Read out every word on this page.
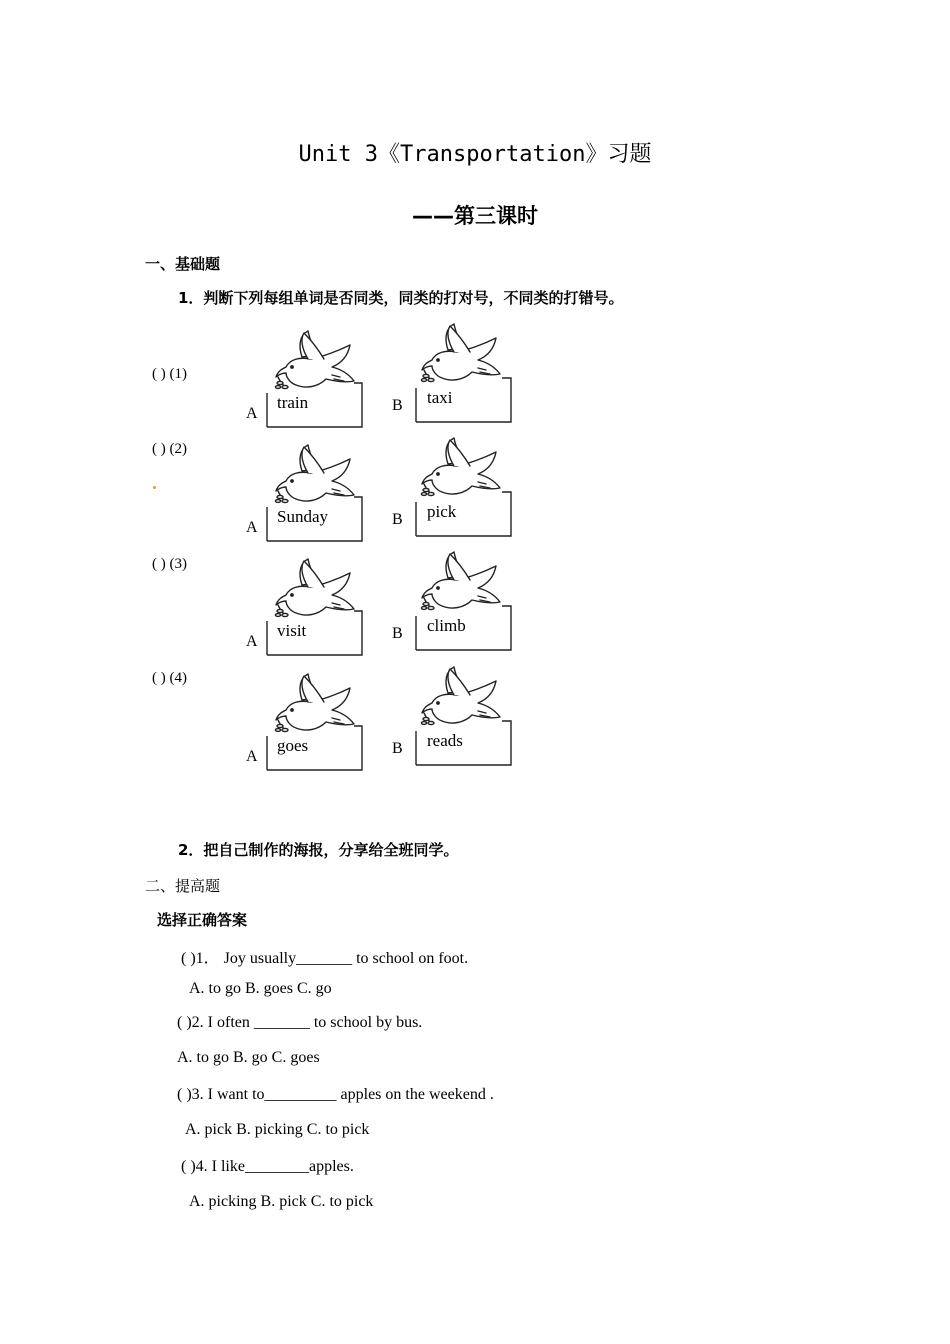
Unit 3《Transportation》习题
——第三课时
一、基础题
1．判断下列每组单词是否同类，同类的打对号，不同类的打错号。
( ) (1)
A
train	B taxi
( ) (2)
A
Sunday	B pick
( ) (3)
A
visit	B climb
( ) (4)
A
goes	B reads
2．把自己制作的海报，分享给全班同学。
二、提高题
选择正确答案
( )1． Joy usually_______ to school on foot.
A. to go B. goes C. go
( )2. I often _______ to school by bus.
A. to go B. go C. goes
( )3. I want to_________ apples on the weekend .
A. pick B. picking C. to pick
( )4. I like________apples.
A. picking B. pick C. to pick
